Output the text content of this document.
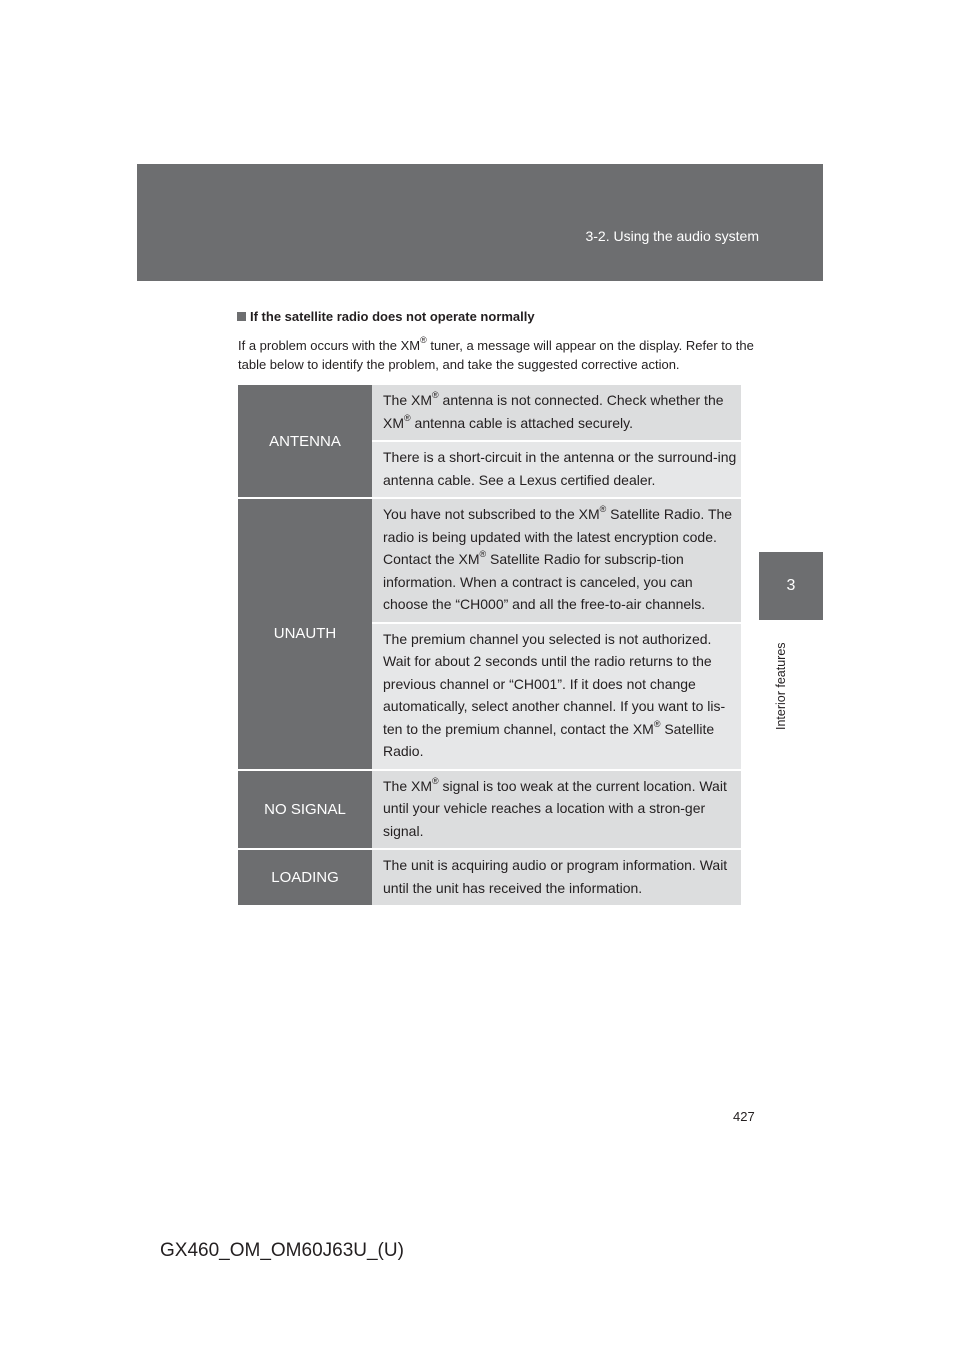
3-2. Using the audio system
3
Interior features
If the satellite radio does not operate normally
If a problem occurs with the XM® tuner, a message will appear on the display. Refer to the table below to identify the problem, and take the suggested corrective action.
ANTENNA	The XM® antenna is not connected. Check whether the XM® antenna cable is attached securely.
	There is a short-circuit in the antenna or the surround-ing antenna cable. See a Lexus certified dealer.
UNAUTH	You have not subscribed to the XM® Satellite Radio. The radio is being updated with the latest encryption code. Contact the XM® Satellite Radio for subscrip-tion information. When a contract is canceled, you can choose the “CH000” and all the free-to-air channels.
	The premium channel you selected is not authorized. Wait for about 2 seconds until the radio returns to the previous channel or “CH001”. If it does not change automatically, select another channel. If you want to lis-ten to the premium channel, contact the XM® Satellite Radio.
NO SIGNAL	The XM® signal is too weak at the current location. Wait until your vehicle reaches a location with a stron-ger signal.
LOADING	The unit is acquiring audio or program information. Wait until the unit has received the information.
427
GX460_OM_OM60J63U_(U)
